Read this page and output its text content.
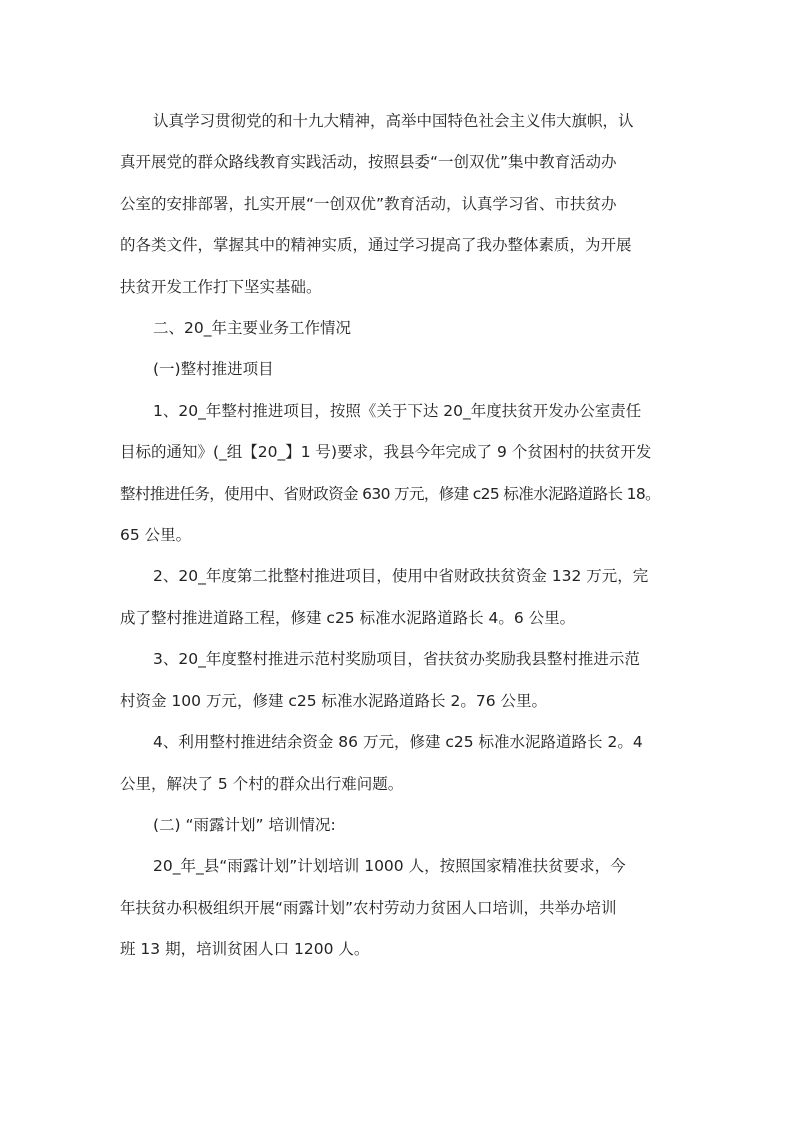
认真学习贯彻党的和十九大精神，高举中国特色社会主义伟大旗帜，认
真开展党的群众路线教育实践活动，按照县委“一创双优”集中教育活动办
公室的安排部署，扎实开展“一创双优”教育活动，认真学习省、市扶贫办
的各类文件，掌握其中的精神实质，通过学习提高了我办整体素质，为开展
扶贫开发工作打下坚实基础。

二、20_年主要业务工作情况

(一)整村推进项目

1、20_年整村推进项目，按照《关于下达 20_年度扶贫开发办公室责任
目标的通知》(_组【20_】1 号)要求，我县今年完成了 9 个贫困村的扶贫开发
整村推进任务，使用中、省财政资金 630 万元，修建 c25 标准水泥路道路长 18。
65 公里。

2、20_年度第二批整村推进项目，使用中省财政扶贫资金 132 万元，完
成了整村推进道路工程，修建 c25 标准水泥路道路长 4。6 公里。

3、20_年度整村推进示范村奖励项目，省扶贫办奖励我县整村推进示范
村资金 100 万元，修建 c25 标准水泥路道路长 2。76 公里。

4、利用整村推进结余资金 86 万元，修建 c25 标准水泥路道路长 2。4
公里，解决了 5 个村的群众出行难问题。

(二) “雨露计划” 培训情况:

20_年_县“雨露计划”计划培训 1000 人，按照国家精准扶贫要求，今
年扶贫办积极组织开展“雨露计划”农村劳动力贫困人口培训，共举办培训
班 13 期，培训贫困人口 1200 人。
